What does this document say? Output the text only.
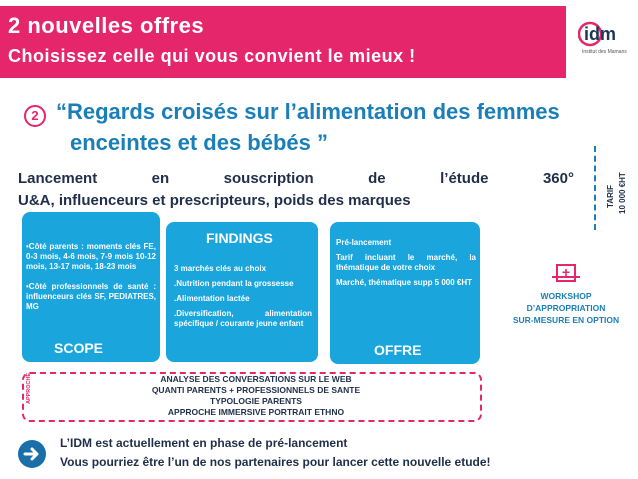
2 nouvelles offres
Choisissez celle qui vous convient le mieux !
idm
Institut des Mamans
2 “Regards croisés sur l’alimentation des femmes
enceintes et des bébés ”
Lancement	en	souscription	de	l’étude	360°
U&A, influenceurs et prescripteurs, poids des marques	TARIF 10 000 €HT

•Côté parents : moments clés FE, 0-3 mois, 4-6 mois, 7-9 mois 10-12 mois, 13-17 mois, 18-23 mois

•Côté professionnels de santé : influenceurs clés SF, PEDIATRES, MG

SCOPE
FINDINGS

3 marchés clés au choix

.Nutrition pendant la grossesse

.Alimentation lactée

.Diversification, alimentation spécifique / courante jeune enfant

Pré-lancement

Tarif incluant le marché, la thématique de votre choix

Marché, thématique supp 5 000 €HT

OFFRE
+
WORKSHOP
D’APPROPRIATION
SUR-MESURE EN OPTION
APPROCHE	ANALYSE DES CONVERSATIONS SUR LE WEB
QUANTI PARENTS + PROFESSIONNELS DE SANTE
TYPOLOGIE PARENTS
APPROCHE IMMERSIVE PORTRAIT ETHNO
L’IDM est actuellement en phase de pré-lancement
Vous pourriez être l’un de nos partenaires pour lancer cette nouvelle etude!
